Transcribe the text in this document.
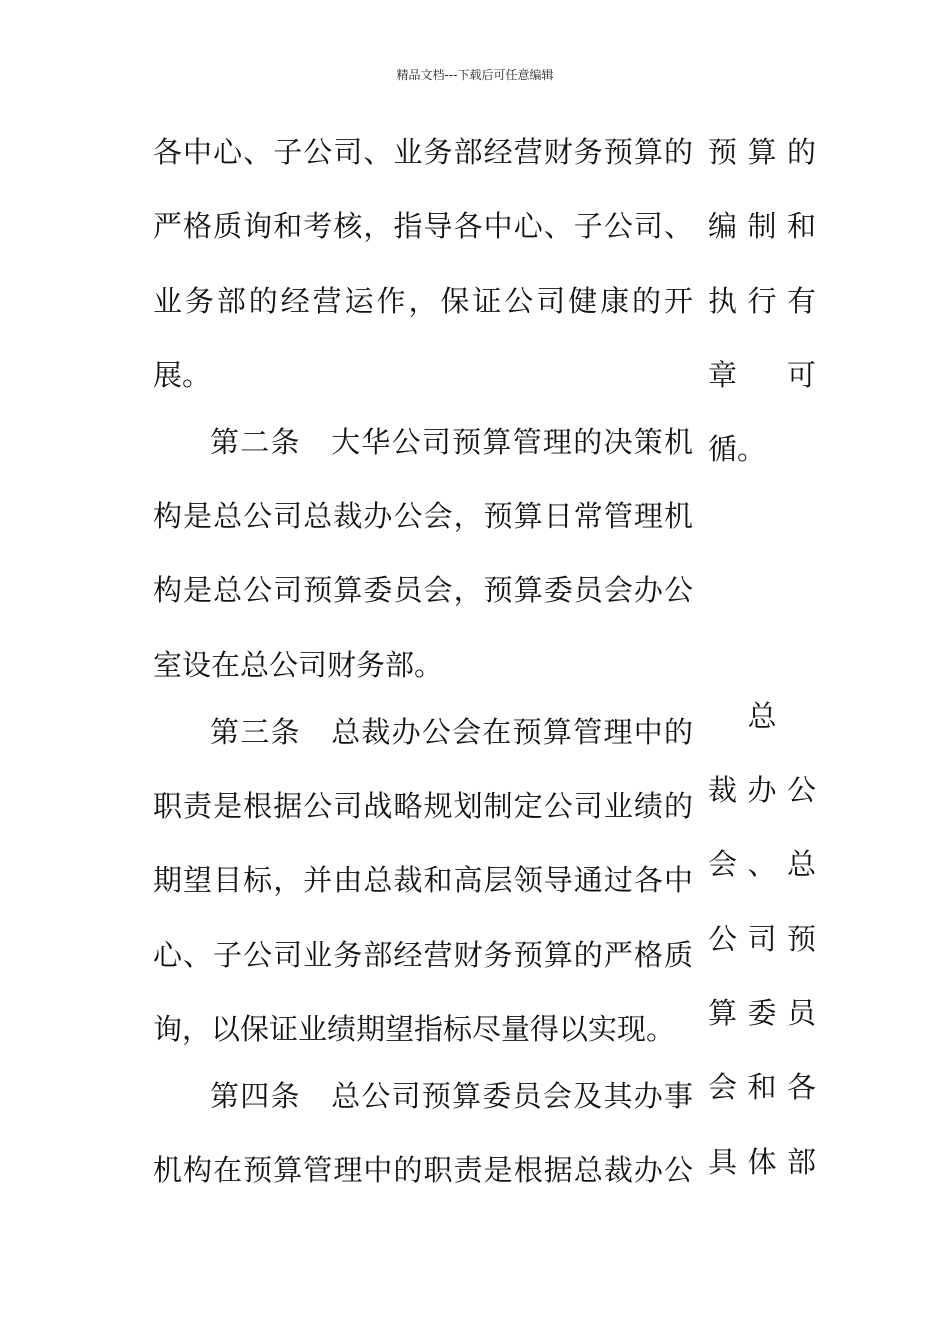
精品文档---下载后可任意编辑
各中心、子公司、业务部经营财务预算的
严格质询和考核，指导各中心、子公司、
业务部的经营运作，保证公司健康的开
展。
第二条　大华公司预算管理的决策机
构是总公司总裁办公会，预算日常管理机
构是总公司预算委员会，预算委员会办公
室设在总公司财务部。
第三条　总裁办公会在预算管理中的
职责是根据公司战略规划制定公司业绩的
期望目标，并由总裁和高层领导通过各中
心、子公司业务部经营财务预算的严格质
询，以保证业绩期望指标尽量得以实现。
第四条　总公司预算委员会及其办事
机构在预算管理中的职责是根据总裁办公
预算的
编制和
执行有
章可
循。
总
裁办公
会、总
公司预
算委员
会和各
具体部
